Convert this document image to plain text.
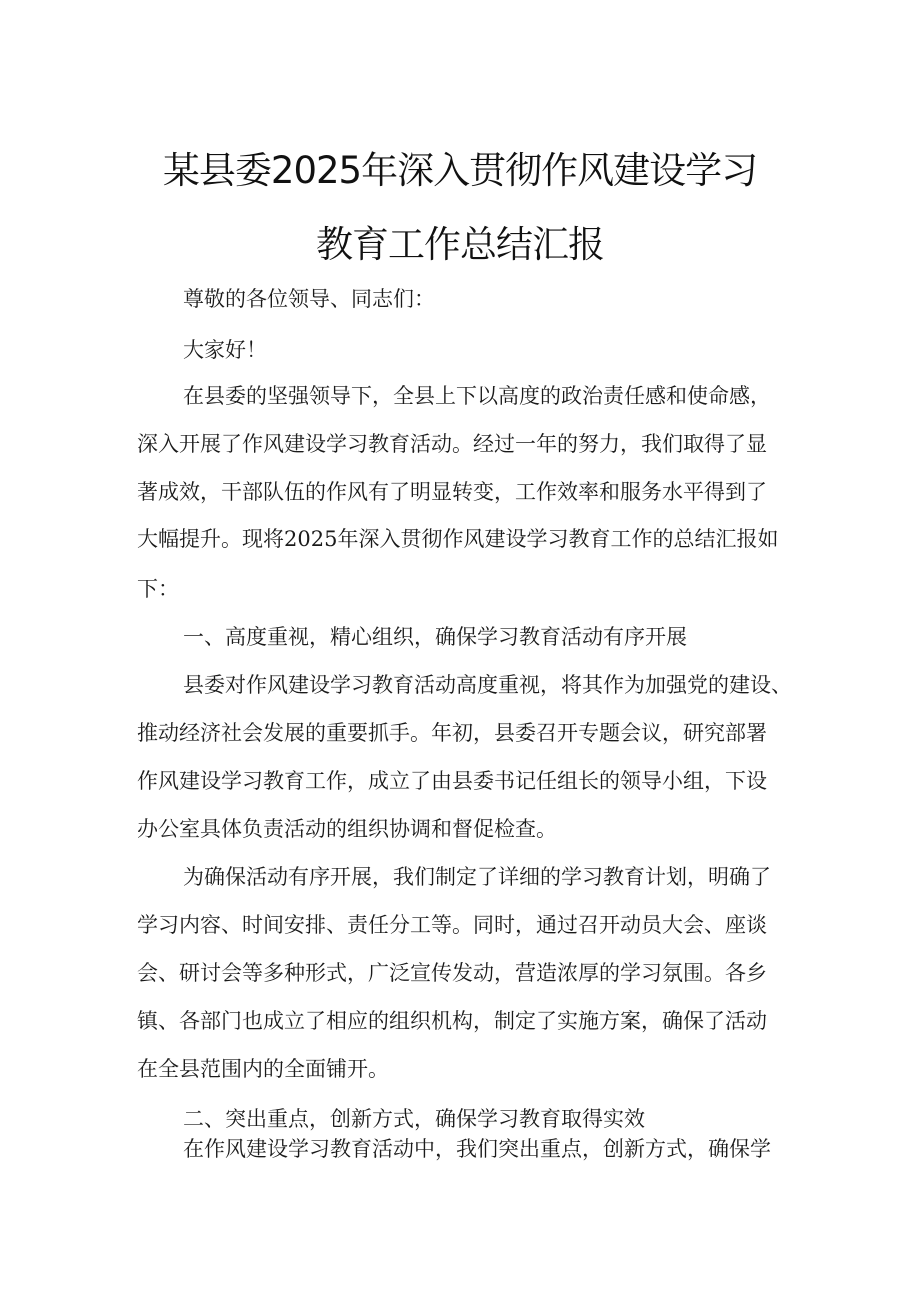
某县委2025年深入贯彻作风建设学习
教育工作总结汇报
尊敬的各位领导、同志们：
大家好！
在县委的坚强领导下，全县上下以高度的政治责任感和使命感，
深入开展了作风建设学习教育活动。经过一年的努力，我们取得了显
著成效，干部队伍的作风有了明显转变，工作效率和服务水平得到了
大幅提升。现将2025年深入贯彻作风建设学习教育工作的总结汇报如
下：
一、高度重视，精心组织，确保学习教育活动有序开展
县委对作风建设学习教育活动高度重视，将其作为加强党的建设、
推动经济社会发展的重要抓手。年初，县委召开专题会议，研究部署
作风建设学习教育工作，成立了由县委书记任组长的领导小组，下设
办公室具体负责活动的组织协调和督促检查。
为确保活动有序开展，我们制定了详细的学习教育计划，明确了
学习内容、时间安排、责任分工等。同时，通过召开动员大会、座谈
会、研讨会等多种形式，广泛宣传发动，营造浓厚的学习氛围。各乡
镇、各部门也成立了相应的组织机构，制定了实施方案，确保了活动
在全县范围内的全面铺开。
二、突出重点，创新方式，确保学习教育取得实效
在作风建设学习教育活动中，我们突出重点，创新方式，确保学
